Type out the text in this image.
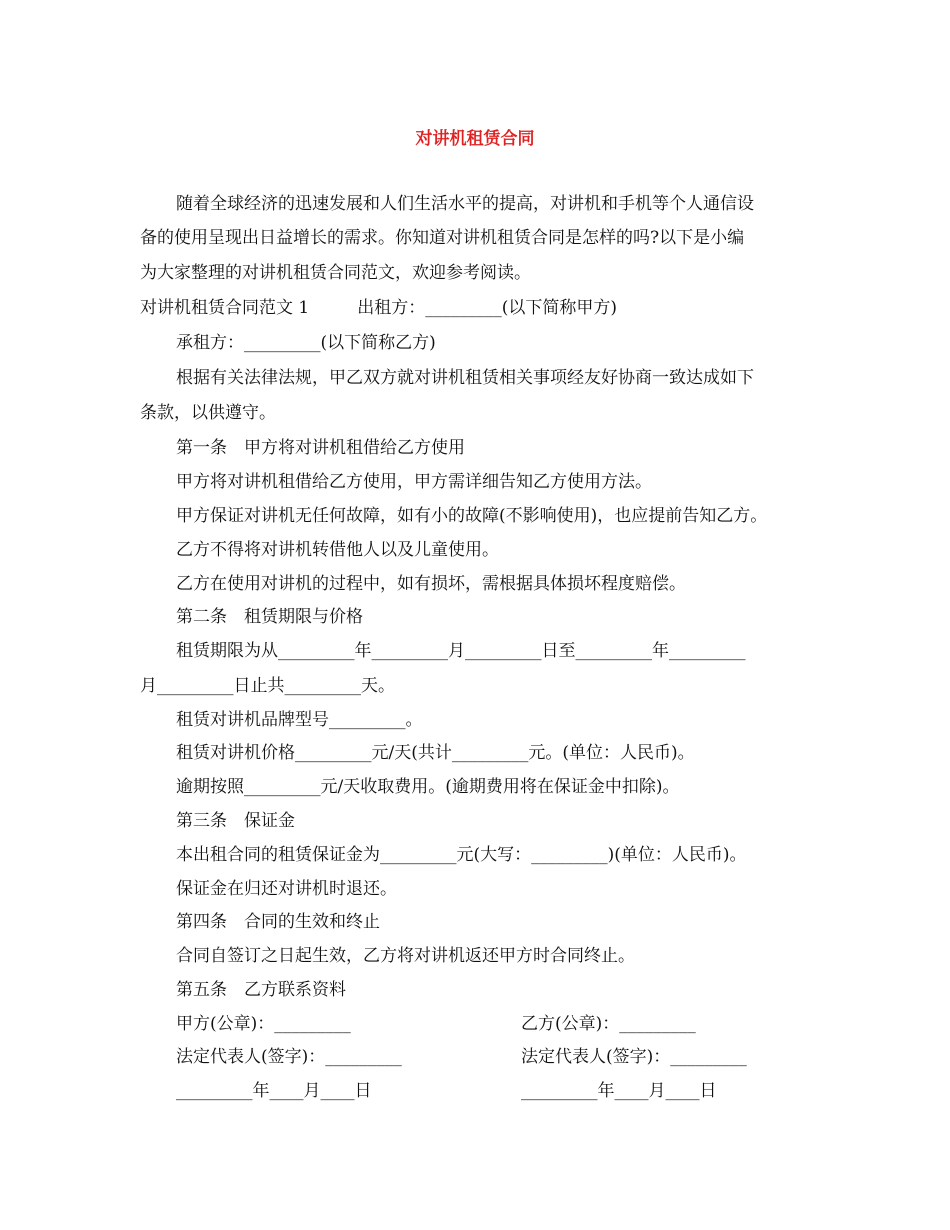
对讲机租赁合同
随着全球经济的迅速发展和人们生活水平的提高，对讲机和手机等个人通信设
备的使用呈现出日益增长的需求。你知道对讲机租赁合同是怎样的吗?以下是小编
为大家整理的对讲机租赁合同范文，欢迎参考阅读。
对讲机租赁合同范文 1	出租方：_________(以下简称甲方)
承租方：_________(以下简称乙方)
根据有关法律法规，甲乙双方就对讲机租赁相关事项经友好协商一致达成如下
条款，以供遵守。
第一条　甲方将对讲机租借给乙方使用
甲方将对讲机租借给乙方使用，甲方需详细告知乙方使用方法。
甲方保证对讲机无任何故障，如有小的故障(不影响使用)，也应提前告知乙方。
乙方不得将对讲机转借他人以及儿童使用。
乙方在使用对讲机的过程中，如有损坏，需根据具体损坏程度赔偿。
第二条　租赁期限与价格
租赁期限为从_________年_________月_________日至_________年_________
月_________日止共_________天。
租赁对讲机品牌型号_________。
租赁对讲机价格_________元/天(共计_________元。(单位：人民币)。
逾期按照_________元/天收取费用。(逾期费用将在保证金中扣除)。
第三条　保证金
本出租合同的租赁保证金为_________元(大写：_________)(单位：人民币)。
保证金在归还对讲机时退还。
第四条　合同的生效和终止
合同自签订之日起生效，乙方将对讲机返还甲方时合同终止。
第五条　乙方联系资料
甲方(公章)：_________	乙方(公章)：_________
法定代表人(签字)：_________	法定代表人(签字)：_________
_________年____月____日	_________年____月____日
